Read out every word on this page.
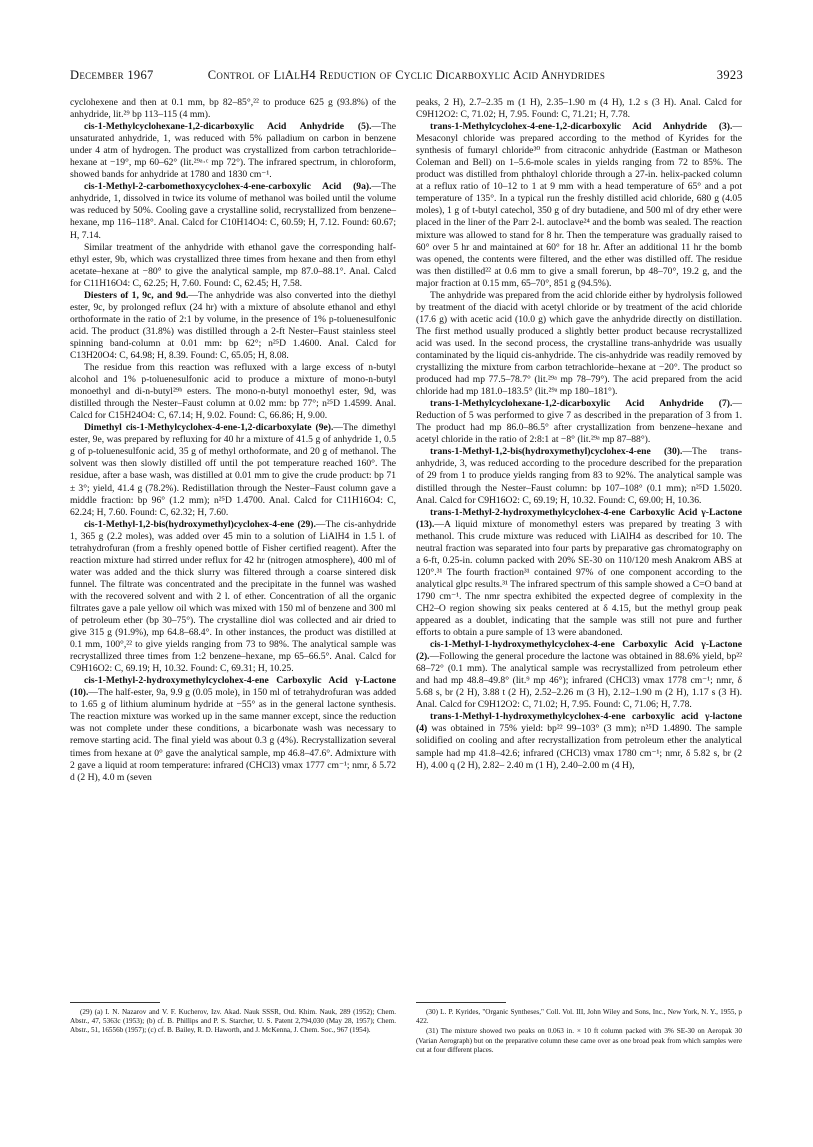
December 1967	Control of LiAlH4 Reduction of Cyclic Dicarboxylic Acid Anhydrides	3923

cyclohexene and then at 0.1 mm, bp 82–85°,²² to produce 625 g (93.8%) of the anhydride, lit.²⁹ bp 113–115 (4 mm).

cis-1-Methylcyclohexane-1,2-dicarboxylic Acid Anhydride (5).—The unsaturated anhydride, 1, was reduced with 5% palladium on carbon in benzene under 4 atm of hydrogen. The product was crystallized from carbon tetrachloride–hexane at −19°, mp 60–62° (lit.²⁹ᵃ·ᶜ mp 72°). The infrared spectrum, in chloroform, showed bands for anhydride at 1780 and 1830 cm⁻¹.

cis-1-Methyl-2-carbomethoxycyclohex-4-ene-carboxylic Acid (9a).—The anhydride, 1, dissolved in twice its volume of methanol was boiled until the volume was reduced by 50%. Cooling gave a crystalline solid, recrystallized from benzene–hexane, mp 116–118°. Anal. Calcd for C10H14O4: C, 60.59; H, 7.12. Found: 60.67; H, 7.14.

Similar treatment of the anhydride with ethanol gave the corresponding half-ethyl ester, 9b, which was crystallized three times from hexane and then from ethyl acetate–hexane at −80° to give the analytical sample, mp 87.0–88.1°. Anal. Calcd for C11H16O4: C, 62.25; H, 7.60. Found: C, 62.45; H, 7.58.

Diesters of 1, 9c, and 9d.—The anhydride was also converted into the diethyl ester, 9c, by prolonged reflux (24 hr) with a mixture of absolute ethanol and ethyl orthoformate in the ratio of 2:1 by volume, in the presence of 1% p-toluenesulfonic acid. The product (31.8%) was distilled through a 2-ft Nester–Faust stainless steel spinning band-column at 0.01 mm: bp 62°; n²⁵D 1.4600. Anal. Calcd for C13H20O4: C, 64.98; H, 8.39. Found: C, 65.05; H, 8.08.

The residue from this reaction was refluxed with a large excess of n-butyl alcohol and 1% p-toluenesulfonic acid to produce a mixture of mono-n-butyl monoethyl and di-n-butyl²⁹ᵇ esters. The mono-n-butyl monoethyl ester, 9d, was distilled through the Nester–Faust column at 0.02 mm: bp 77°; n²⁵D 1.4599. Anal. Calcd for C15H24O4: C, 67.14; H, 9.02. Found: C, 66.86; H, 9.00.

Dimethyl cis-1-Methylcyclohex-4-ene-1,2-dicarboxylate (9e).—The dimethyl ester, 9e, was prepared by refluxing for 40 hr a mixture of 41.5 g of anhydride 1, 0.5 g of p-toluenesulfonic acid, 35 g of methyl orthoformate, and 20 g of methanol. The solvent was then slowly distilled off until the pot temperature reached 160°. The residue, after a base wash, was distilled at 0.01 mm to give the crude product: bp 71 ± 3°; yield, 41.4 g (78.2%). Redistillation through the Nester–Faust column gave a middle fraction: bp 96° (1.2 mm); n²⁵D 1.4700. Anal. Calcd for C11H16O4: C, 62.24; H, 7.60. Found: C, 62.32; H, 7.60.

cis-1-Methyl-1,2-bis(hydroxymethyl)cyclohex-4-ene (29).—The cis-anhydride 1, 365 g (2.2 moles), was added over 45 min to a solution of LiAlH4 in 1.5 l. of tetrahydrofuran (from a freshly opened bottle of Fisher certified reagent). After the reaction mixture had stirred under reflux for 42 hr (nitrogen atmosphere), 400 ml of water was added and the thick slurry was filtered through a coarse sintered disk funnel. The filtrate was concentrated and the precipitate in the funnel was washed with the recovered solvent and with 2 l. of ether. Concentration of all the organic filtrates gave a pale yellow oil which was mixed with 150 ml of benzene and 300 ml of petroleum ether (bp 30–75°). The crystalline diol was collected and air dried to give 315 g (91.9%), mp 64.8–68.4°. In other instances, the product was distilled at 0.1 mm, 100°,²² to give yields ranging from 73 to 98%. The analytical sample was recrystallized three times from 1:2 benzene–hexane, mp 65–66.5°. Anal. Calcd for C9H16O2: C, 69.19; H, 10.32. Found: C, 69.31; H, 10.25.

cis-1-Methyl-2-hydroxymethylcyclohex-4-ene Carboxylic Acid γ-Lactone (10).—The half-ester, 9a, 9.9 g (0.05 mole), in 150 ml of tetrahydrofuran was added to 1.65 g of lithium aluminum hydride at −55° as in the general lactone synthesis. The reaction mixture was worked up in the same manner except, since the reduction was not complete under these conditions, a bicarbonate wash was necessary to remove starting acid. The final yield was about 0.3 g (4%). Recrystallization several times from hexane at 0° gave the analytical sample, mp 46.8–47.6°. Admixture with 2 gave a liquid at room temperature: infrared (CHCl3) νmax 1777 cm⁻¹; nmr, δ 5.72 d (2 H), 4.0 m (seven

peaks, 2 H), 2.7–2.35 m (1 H), 2.35–1.90 m (4 H), 1.2 s (3 H). Anal. Calcd for C9H12O2: C, 71.02; H, 7.95. Found: C, 71.21; H, 7.78.

trans-1-Methylcyclohex-4-ene-1,2-dicarboxylic Acid Anhydride (3).—Mesaconyl chloride was prepared according to the method of Kyrides for the synthesis of fumaryl chloride³⁰ from citraconic anhydride (Eastman or Matheson Coleman and Bell) on 1–5.6-mole scales in yields ranging from 72 to 85%. The product was distilled from phthaloyl chloride through a 27-in. helix-packed column at a reflux ratio of 10–12 to 1 at 9 mm with a head temperature of 65° and a pot temperature of 135°. In a typical run the freshly distilled acid chloride, 680 g (4.05 moles), 1 g of t-butyl catechol, 350 g of dry butadiene, and 500 ml of dry ether were placed in the liner of the Parr 2-l. autoclave²⁴ and the bomb was sealed. The reaction mixture was allowed to stand for 8 hr. Then the temperature was gradually raised to 60° over 5 hr and maintained at 60° for 18 hr. After an additional 11 hr the bomb was opened, the contents were filtered, and the ether was distilled off. The residue was then distilled²² at 0.6 mm to give a small forerun, bp 48–70°, 19.2 g, and the major fraction at 0.15 mm, 65–70°, 851 g (94.5%).

The anhydride was prepared from the acid chloride either by hydrolysis followed by treatment of the diacid with acetyl chloride or by treatment of the acid chloride (17.6 g) with acetic acid (10.0 g) which gave the anhydride directly on distillation. The first method usually produced a slightly better product because recrystallized acid was used. In the second process, the crystalline trans-anhydride was usually contaminated by the liquid cis-anhydride. The cis-anhydride was readily removed by crystallizing the mixture from carbon tetrachloride–hexane at −20°. The product so produced had mp 77.5–78.7° (lit.²⁹ᵃ mp 78–79°). The acid prepared from the acid chloride had mp 181.0–183.5° (lit.²⁹ᵃ mp 180–181°).

trans-1-Methylcyclohexane-1,2-dicarboxylic Acid Anhydride (7).—Reduction of 5 was performed to give 7 as described in the preparation of 3 from 1. The product had mp 86.0–86.5° after crystallization from benzene–hexane and acetyl chloride in the ratio of 2:8:1 at −8° (lit.²⁹ᵃ mp 87–88°).

trans-1-Methyl-1,2-bis(hydroxymethyl)cyclohex-4-ene (30).—The trans-anhydride, 3, was reduced according to the procedure described for the preparation of 29 from 1 to produce yields ranging from 83 to 92%. The analytical sample was distilled through the Nester–Faust column: bp 107–108° (0.1 mm); n²⁵D 1.5020. Anal. Calcd for C9H16O2: C, 69.19; H, 10.32. Found: C, 69.00; H, 10.36.

trans-1-Methyl-2-hydroxymethylcyclohex-4-ene Carboxylic Acid γ-Lactone (13).—A liquid mixture of monomethyl esters was prepared by treating 3 with methanol. This crude mixture was reduced with LiAlH4 as described for 10. The neutral fraction was separated into four parts by preparative gas chromatography on a 6-ft, 0.25-in. column packed with 20% SE-30 on 110/120 mesh Anakrom ABS at 120°.³¹ The fourth fraction³¹ contained 97% of one component according to the analytical glpc results.³¹ The infrared spectrum of this sample showed a C=O band at 1790 cm⁻¹. The nmr spectra exhibited the expected degree of complexity in the CH2–O region showing six peaks centered at δ 4.15, but the methyl group peak appeared as a doublet, indicating that the sample was still not pure and further efforts to obtain a pure sample of 13 were abandoned.

cis-1-Methyl-1-hydroxymethylcyclohex-4-ene Carboxylic Acid γ-Lactone (2).—Following the general procedure the lactone was obtained in 88.6% yield, bp²² 68–72° (0.1 mm). The analytical sample was recrystallized from petroleum ether and had mp 48.8–49.8° (lit.⁹ mp 46°); infrared (CHCl3) νmax 1778 cm⁻¹; nmr, δ 5.68 s, br (2 H), 3.88 t (2 H), 2.52–2.26 m (3 H), 2.12–1.90 m (2 H), 1.17 s (3 H). Anal. Calcd for C9H12O2: C, 71.02; H, 7.95. Found: C, 71.06; H, 7.78.

trans-1-Methyl-1-hydroxymethylcyclohex-4-ene carboxylic acid γ-lactone (4) was obtained in 75% yield: bp²² 99–103° (3 mm); n²⁵D 1.4890. The sample solidified on cooling and after recrystallization from petroleum ether the analytical sample had mp 41.8–42.6; infrared (CHCl3) νmax 1780 cm⁻¹; nmr, δ 5.82 s, br (2 H), 4.00 q (2 H), 2.82– 2.40 m (1 H), 2.40–2.00 m (4 H),

(29) (a) I. N. Nazarov and V. F. Kucherov, Izv. Akad. Nauk SSSR, Otd. Khim. Nauk, 289 (1952); Chem. Abstr., 47, 5363c (1953); (b) cf. B. Phillips and P. S. Starcher, U. S. Patent 2,794,030 (May 28, 1957); Chem. Abstr., 51, 16556b (1957); (c) cf. B. Bailey, R. D. Haworth, and J. McKenna, J. Chem. Soc., 967 (1954).

(30) L. P. Kyrides, "Organic Syntheses," Coll. Vol. III, John Wiley and Sons, Inc., New York, N. Y., 1955, p 422.

(31) The mixture showed two peaks on 0.063 in. × 10 ft column packed with 3% SE-30 on Aeropak 30 (Varian Aerograph) but on the preparative column these came over as one broad peak from which samples were cut at four different places.
